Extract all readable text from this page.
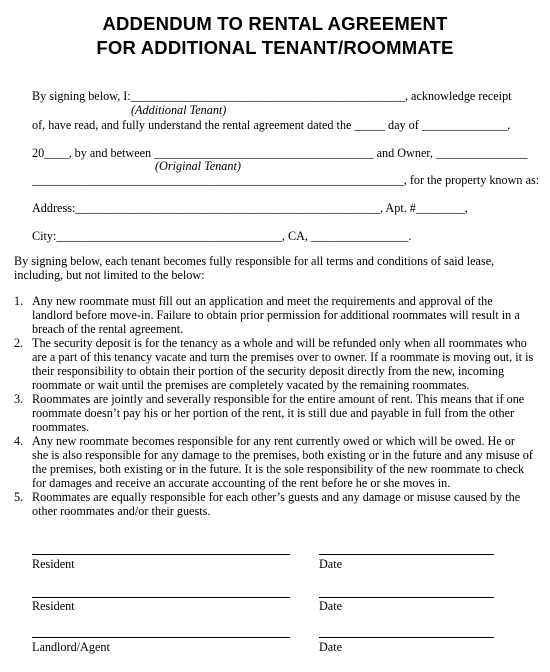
ADDENDUM TO RENTAL AGREEMENT
FOR ADDITIONAL TENANT/ROOMMATE
By signing below, I:_____________________________________________, acknowledge receipt
(Additional Tenant)
of, have read, and fully understand the rental agreement dated the _____ day of ______________,
20____, by and between ____________________________________ and Owner, _______________
(Original Tenant)
_____________________________________________________________, for the property known as:
Address:__________________________________________________, Apt. #________,
City:_____________________________________, CA, ________________.
By signing below, each tenant becomes fully responsible for all terms and conditions of said lease, including, but not limited to the below:
1. Any new roommate must fill out an application and meet the requirements and approval of the landlord before move-in. Failure to obtain prior permission for additional roommates will result in a breach of the rental agreement.
2. The security deposit is for the tenancy as a whole and will be refunded only when all roommates who are a part of this tenancy vacate and turn the premises over to owner. If a roommate is moving out, it is their responsibility to obtain their portion of the security deposit directly from the new, incoming roommate or wait until the premises are completely vacated by the remaining roommates.
3. Roommates are jointly and severally responsible for the entire amount of rent. This means that if one roommate doesn’t pay his or her portion of the rent, it is still due and payable in full from the other roommates.
4. Any new roommate becomes responsible for any rent currently owed or which will be owed. He or she is also responsible for any damage to the premises, both existing or in the future and any misuse of the premises, both existing or in the future. It is the sole responsibility of the new roommate to check for damages and receive an accurate accounting of the rent before he or she moves in.
5. Roommates are equally responsible for each other’s guests and any damage or misuse caused by the other roommates and/or their guests.
Resident	Date
Resident	Date
Landlord/Agent	Date
